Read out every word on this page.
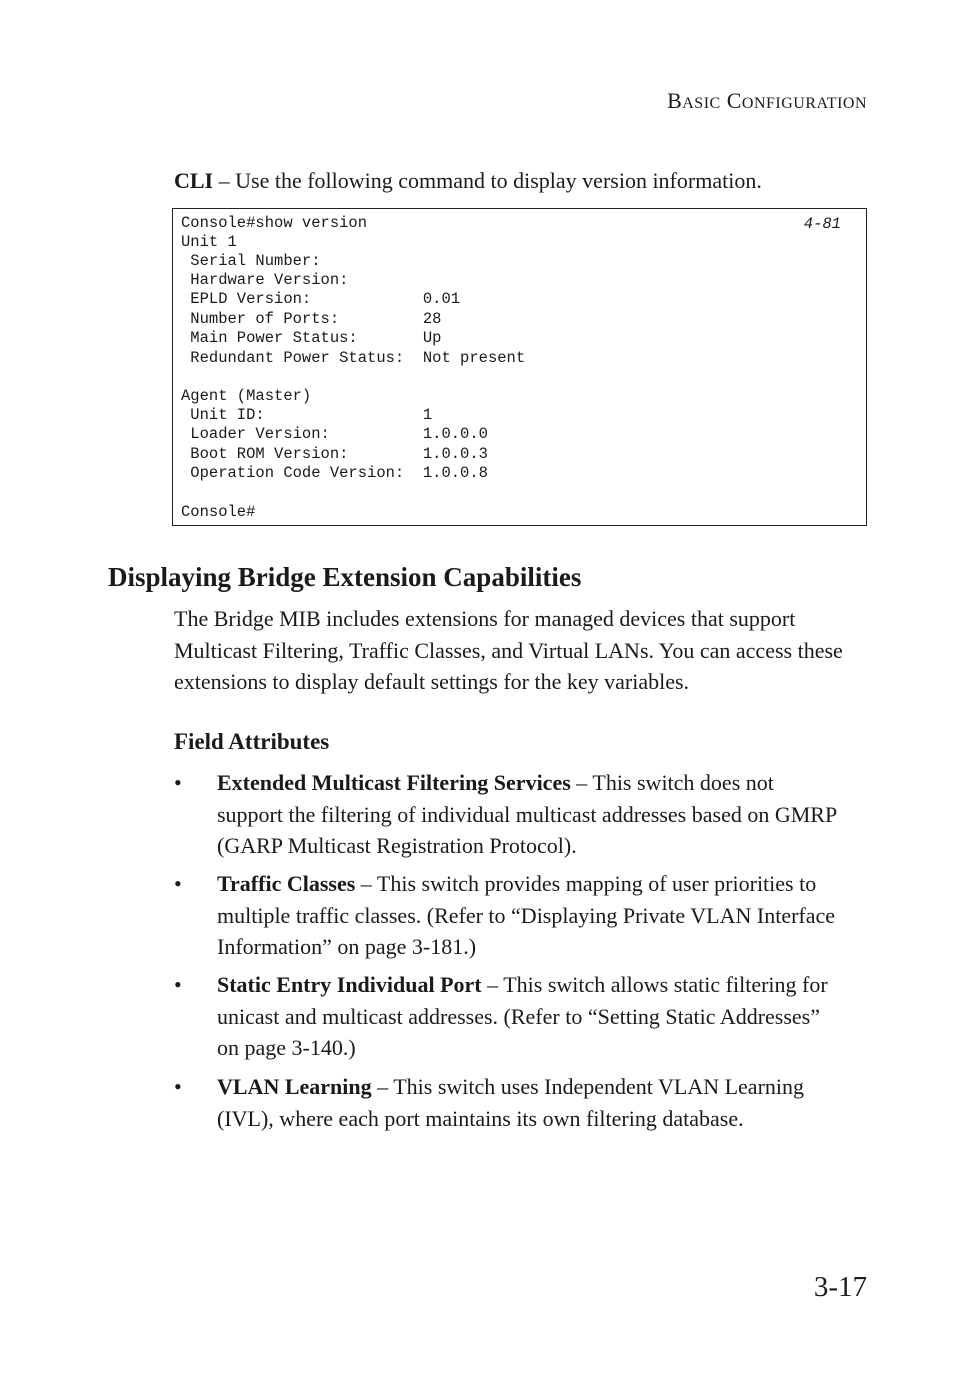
BASIC CONFIGURATION
CLI – Use the following command to display version information.
4-81
Console#show version
Unit 1
Serial Number:
Hardware Version:
EPLD Version:            0.01
Number of Ports:         28
Main Power Status:       Up
Redundant Power Status:  Not present
Agent (Master)
Unit ID:                 1
Loader Version:          1.0.0.0
Boot ROM Version:        1.0.0.3
Operation Code Version:  1.0.0.8
Console#
Displaying Bridge Extension Capabilities
The Bridge MIB includes extensions for managed devices that support
Multicast Filtering, Traffic Classes, and Virtual LANs. You can access these
extensions to display default settings for the key variables.
Field Attributes
• Extended Multicast Filtering Services – This switch does not
support the filtering of individual multicast addresses based on GMRP
(GARP Multicast Registration Protocol).
• Traffic Classes – This switch provides mapping of user priorities to
multiple traffic classes. (Refer to “Displaying Private VLAN Interface
Information” on page 3-181.)
• Static Entry Individual Port – This switch allows static filtering for
unicast and multicast addresses. (Refer to “Setting Static Addresses”
on page 3-140.)
• VLAN Learning – This switch uses Independent VLAN Learning
(IVL), where each port maintains its own filtering database.
3-17
